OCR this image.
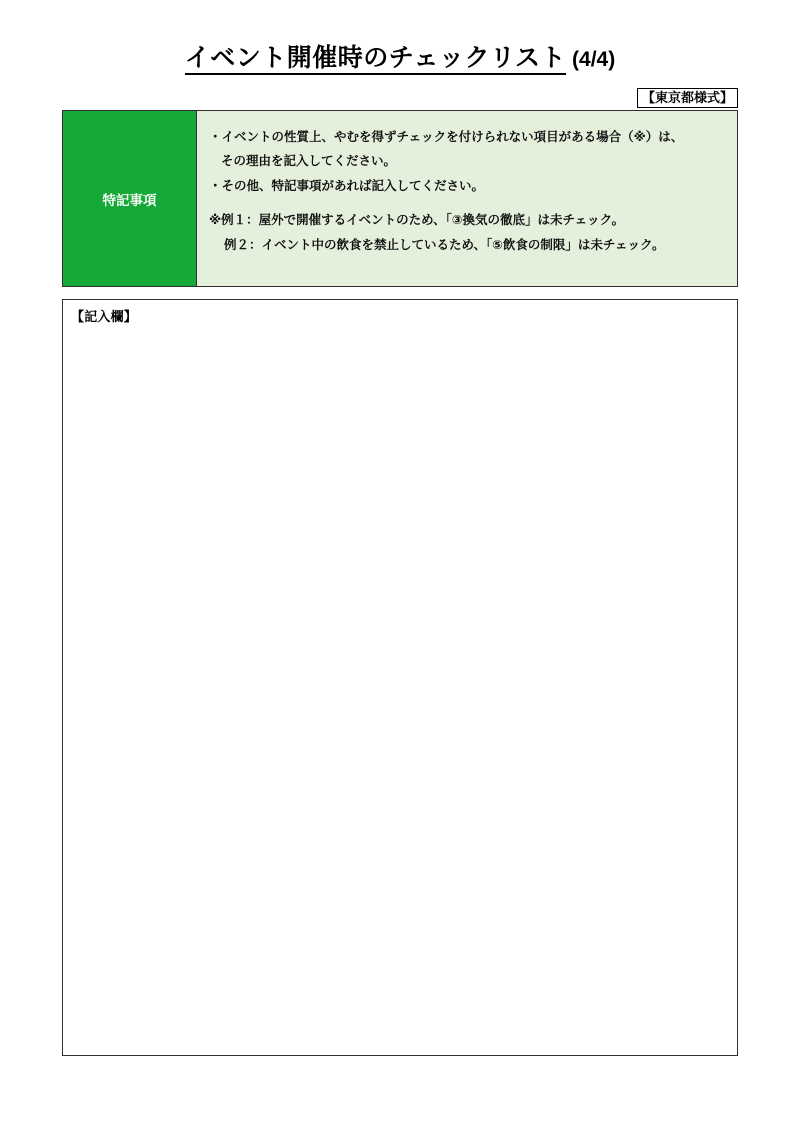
イベント開催時のチェックリスト (4/4)
【東京都様式】
特記事項
・イベントの性質上、やむを得ずチェックを付けられない項目がある場合（※）は、
その理由を記入してください。
・その他、特記事項があれば記入してください。
※例１：屋外で開催するイベントのため、「③換気の徹底」は未チェック。
例２：イベント中の飲食を禁止しているため、「⑤飲食の制限」は未チェック。
【記入欄】
